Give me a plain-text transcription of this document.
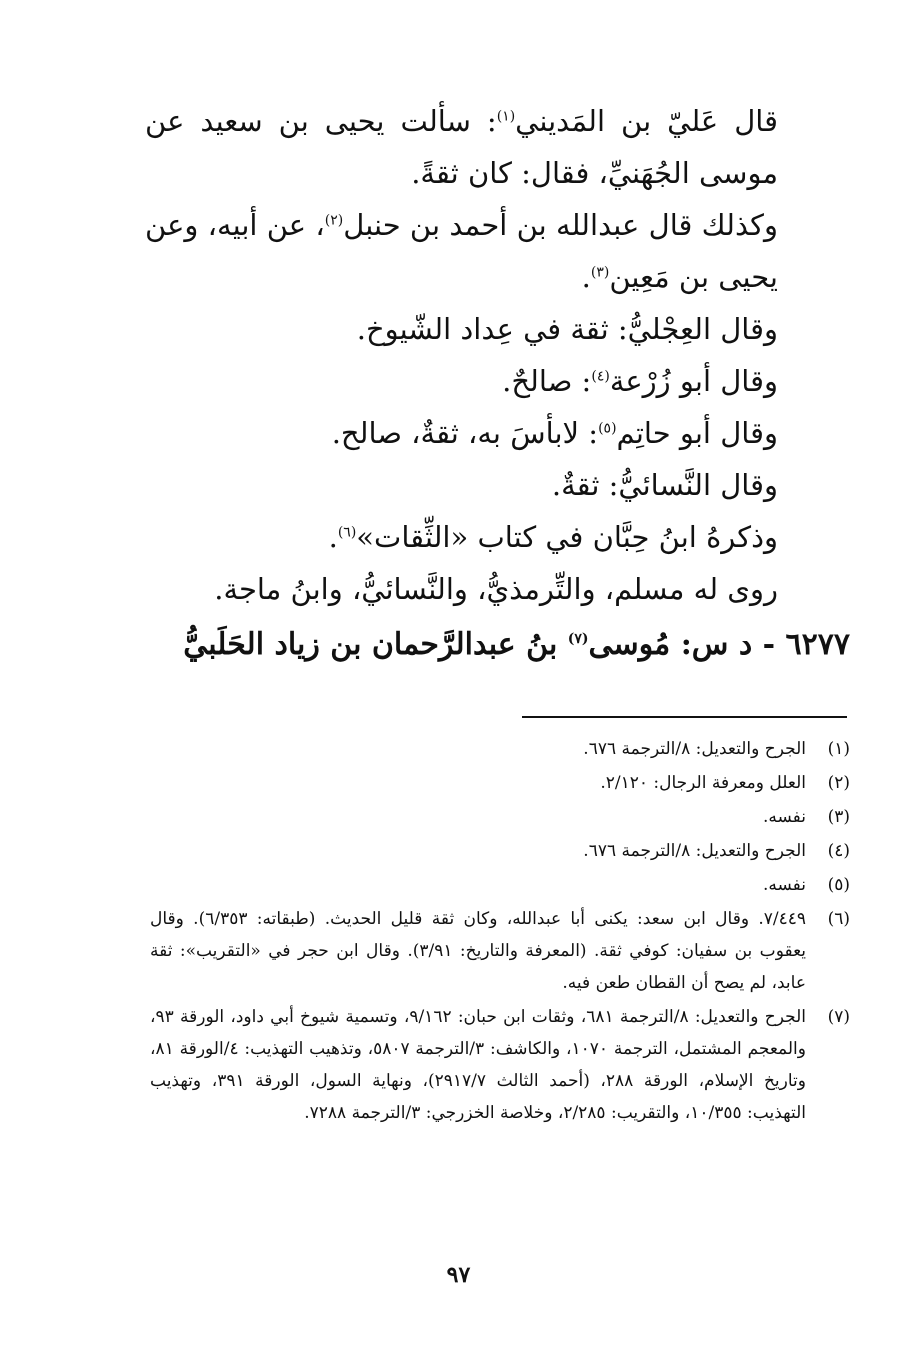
قال عَليّ بن المَديني$^{(١)}$: سألت يحيى بن سعيد عن موسى الجُهَنيِّ، فقال: كان ثقةً.

وكذلك قال عبدالله بن أحمد بن حنبل$^{(٢)}$، عن أبيه، وعن يحيى بن مَعِين$^{(٣)}$.

وقال العِجْليُّ: ثقة في عِداد الشّيوخ.

وقال أبو زُرْعة$^{(٤)}$: صالحٌ.

وقال أبو حاتِم$^{(٥)}$: لابأسَ به، ثقةٌ، صالح.

وقال النَّسائيُّ: ثقةٌ.

وذكرهُ ابنُ حِبَّان في كتاب «الثِّقات»$^{(٦)}$.

روى له مسلم، والتِّرمذيُّ، والنَّسائيُّ، وابنُ ماجة.

٦٢٧٧ - د س: مُوسى$^{(٧)}$ بنُ عبدالرَّحمان بن زياد الحَلَبيُّ

(١)
الجرح والتعديل: ٨/الترجمة ٦٧٦.
(٢)
العلل ومعرفة الرجال: ٢/١٢٠.
(٣)
نفسه.
(٤)
الجرح والتعديل: ٨/الترجمة ٦٧٦.
(٥)
نفسه.
(٦)
٧/٤٤٩. وقال ابن سعد: يكنى أبا عبدالله، وكان ثقة قليل الحديث. (طبقاته: ٦/٣٥٣). وقال يعقوب بن سفيان: كوفي ثقة. (المعرفة والتاريخ: ٣/٩١). وقال ابن حجر في «التقريب»: ثقة عابد، لم يصح أن القطان طعن فيه.
(٧)
الجرح والتعديل: ٨/الترجمة ٦٨١، وثقات ابن حبان: ٩/١٦٢، وتسمية شيوخ أبي داود، الورقة ٩٣، والمعجم المشتمل، الترجمة ١٠٧٠، والكاشف: ٣/الترجمة ٥٨٠٧، وتذهيب التهذيب: ٤/الورقة ٨١، وتاريخ الإسلام، الورقة ٢٨٨، (أحمد الثالث ٢٩١٧/٧)، ونهاية السول، الورقة ٣٩١، وتهذيب التهذيب: ١٠/٣٥٥، والتقريب: ٢/٢٨٥، وخلاصة الخزرجي: ٣/الترجمة ٧٢٨٨.
٩٧
